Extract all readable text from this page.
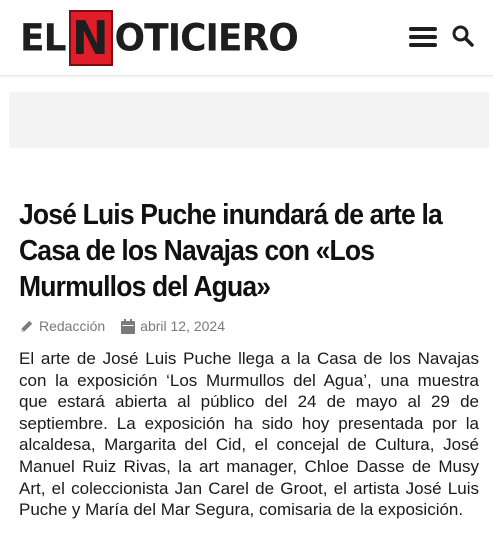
EL N OTICIERO
José Luis Puche inundará de arte la Casa de los Navajas con «Los Murmullos del Agua»
Redacción	abril 12, 2024

El arte de José Luis Puche llega a la Casa de los Navajas con la exposición ‘Los Murmullos del Agua’, una muestra que estará abierta al público del 24 de mayo al 29 de septiembre. La exposición ha sido hoy presentada por la alcaldesa, Margarita del Cid, el concejal de Cultura, José Manuel Ruiz Rivas, la art manager, Chloe Dasse de Musy Art, el coleccionista Jan Carel de Groot, el artista José Luis Puche y María del Mar Segura, comisaria de la exposición.
